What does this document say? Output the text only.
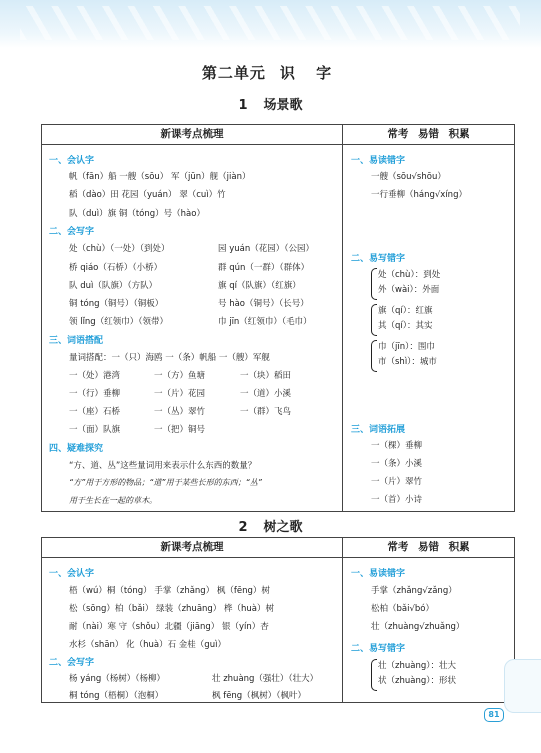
第二单元 识 字
1 场景歌
新课考点梳理	常考 易错 积累
一、会认字
帆（fān）船 一艘（sōu） 军（jūn）舰（jiàn）
稻（dào）田 花园（yuán） 翠（cuì）竹
队（duì）旗 铜（tóng）号（hào）
二、会写字
处（chù）（一处）（到处）	园 yuán（花园）（公园）
桥 qiáo（石桥）（小桥）	群 qún（一群）（群体）
队 duì（队旗）（方队）	旗 qí（队旗）（红旗）
铜 tóng（铜号）（铜板）	号 hào（铜号）（长号）
领 lǐng（红领巾）（领带）	巾 jīn（红领巾）（毛巾）
三、词语搭配
量词搭配：一（只）海鸥 一（条）帆船 一（艘）军舰
一（处）港湾	一（方）鱼塘	一（块）稻田
一（行）垂柳	一（片）花园	一（道）小溪
一（座）石桥	一（丛）翠竹	一（群）飞鸟
一（面）队旗	一（把）铜号
四、疑难探究
“方、道、丛”这些量词用来表示什么东西的数量？
“方”用于方形的物品；“道”用于某些长形的东西；“丛”
用于生长在一起的草木。
一、易读错字
一艘（sōu√shōu）
一行垂柳（háng√xíng）
二、易写错字
处（chù）：到处
外（wài）：外面
旗（qí）：红旗
其（qí）：其实
巾（jīn）：围巾
市（shì）：城市
三、词语拓展
一（棵）垂柳
一（条）小溪
一（片）翠竹
一（首）小诗
2 树之歌
新课考点梳理	常考 易错 积累
一、会认字
梧（wú）桐（tóng） 手掌（zhǎng） 枫（fēng）树
松（sōng）柏（bǎi） 绿装（zhuāng） 桦（huà）树
耐（nài）寒 守（shǒu）北疆（jiāng） 银（yín）杏
水杉（shān） 化（huà）石 金桂（guì）
二、会写字
杨 yáng（杨树）（杨柳）	壮 zhuàng（强壮）（壮大）
桐 tóng（梧桐）（泡桐）	枫 fēng（枫树）（枫叶）
一、易读错字
手掌（zhǎng√zǎng）
松柏（bǎi√bó）
壮（zhuàng√zhuǎng）
二、易写错字
壮（zhuàng）：壮大
状（zhuàng）：形状
81
